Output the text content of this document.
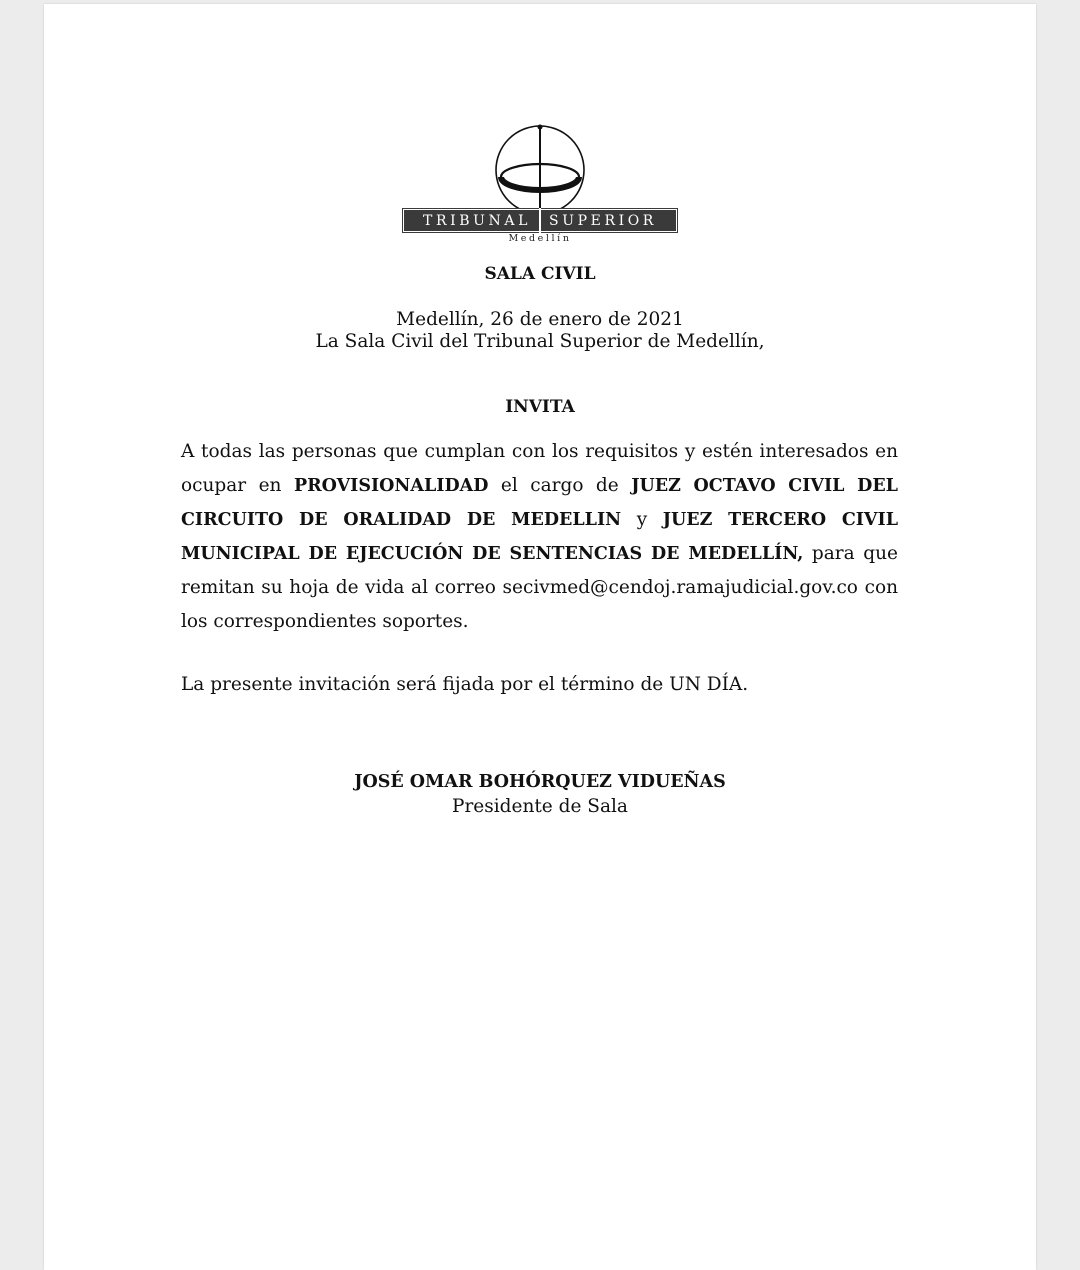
TRIBUNAL SUPERIOR
Medellín
SALA CIVIL
Medellín, 26 de enero de 2021
La Sala Civil del Tribunal Superior de Medellín,
INVITA

A todas las personas que cumplan con los requisitos y estén interesados en ocupar en PROVISIONALIDAD el cargo de JUEZ OCTAVO CIVIL DEL CIRCUITO DE ORALIDAD DE MEDELLIN y JUEZ TERCERO CIVIL MUNICIPAL DE EJECUCIÓN DE SENTENCIAS DE MEDELLÍN, para que remitan su hoja de vida al correo secivmed@cendoj.ramajudicial.gov.co con los correspondientes soportes.

La presente invitación será fijada por el término de UN DÍA.
JOSÉ OMAR BOHÓRQUEZ VIDUEÑAS
Presidente de Sala
